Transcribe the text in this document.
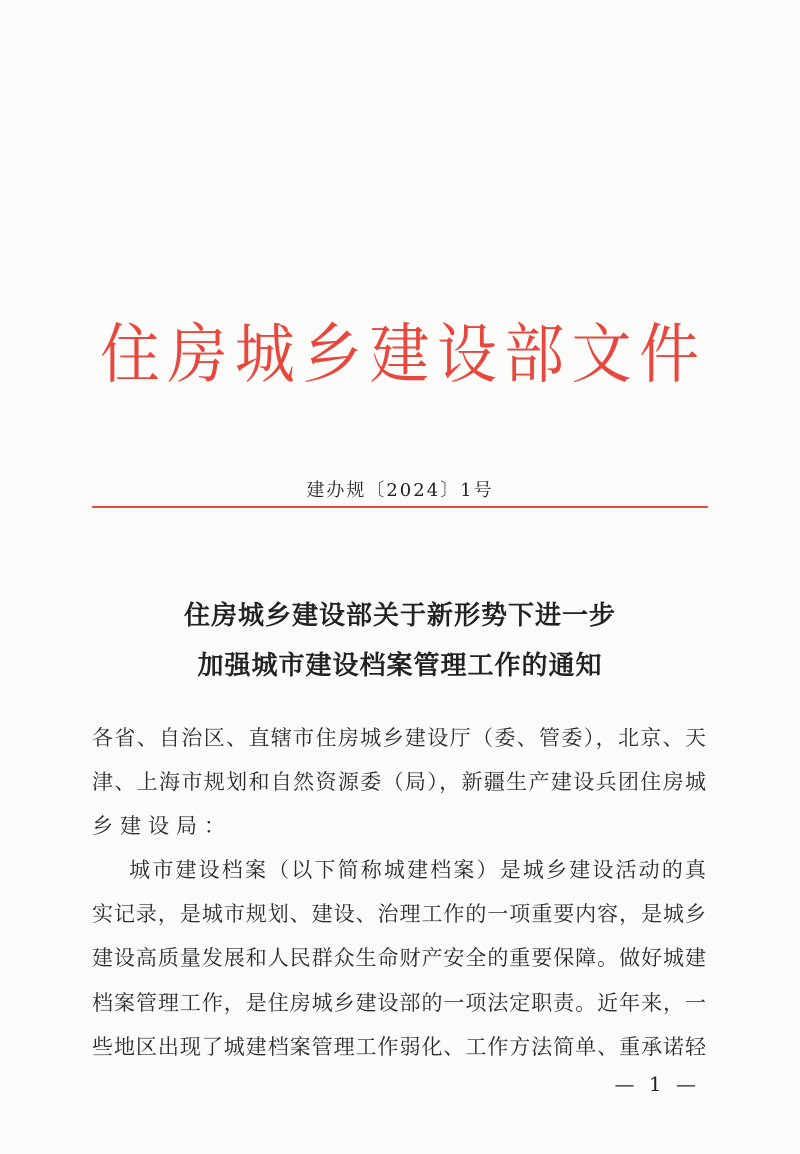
住房城乡建设部文件
建办规〔2024〕1号
住房城乡建设部关于新形势下进一步
加强城市建设档案管理工作的通知
各省、自治区、直辖市住房城乡建设厅（委、管委），北京、天
津、上海市规划和自然资源委（局），新疆生产建设兵团住房城
乡建设局：
　城市建设档案（以下简称城建档案）是城乡建设活动的真
实记录，是城市规划、建设、治理工作的一项重要内容，是城乡
建设高质量发展和人民群众生命财产安全的重要保障。做好城建
档案管理工作，是住房城乡建设部的一项法定职责。近年来，一
些地区出现了城建档案管理工作弱化、工作方法简单、重承诺轻
— 1 —
